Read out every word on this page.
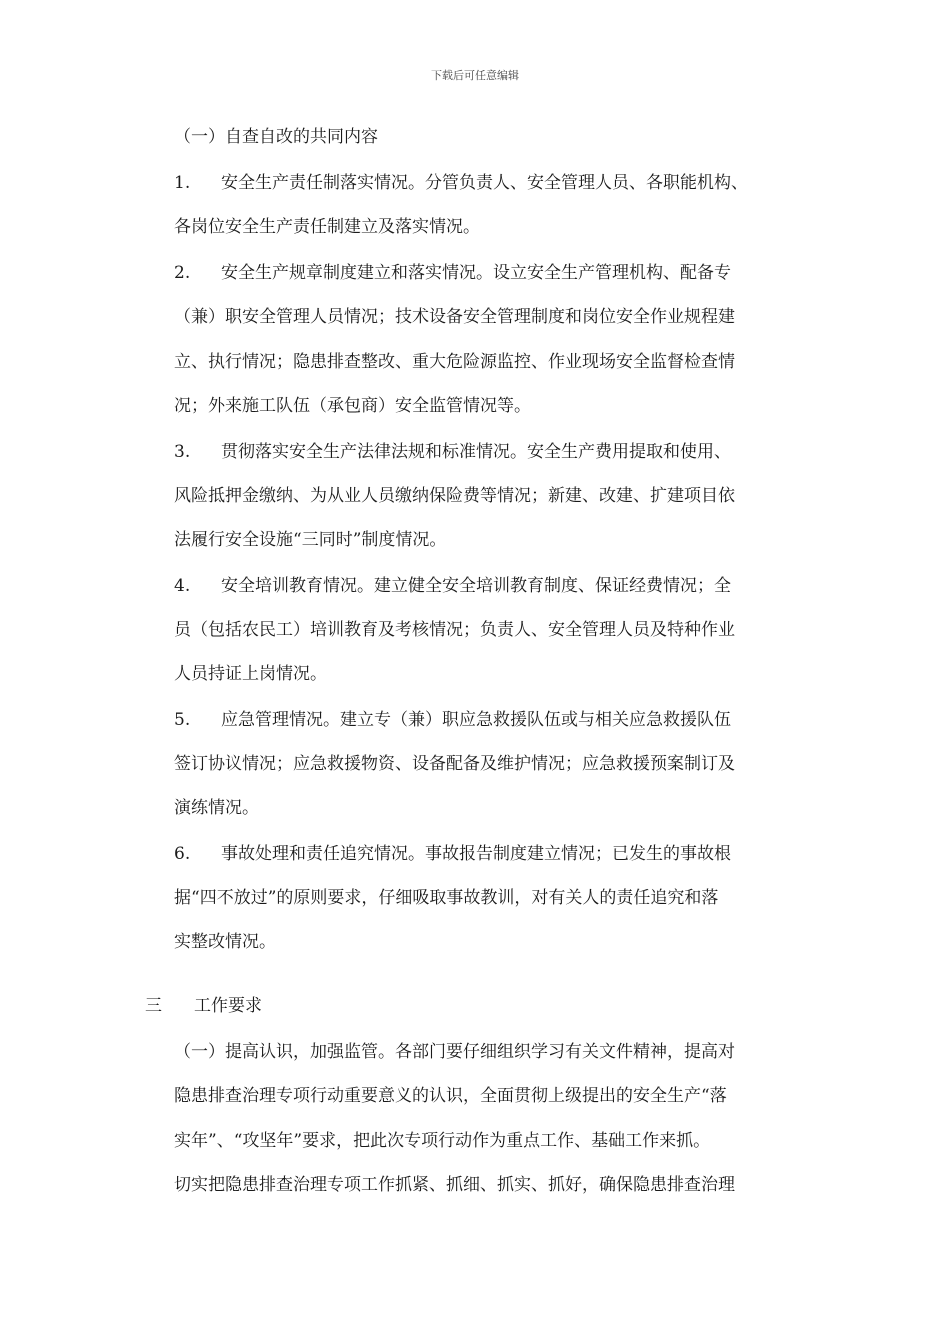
下载后可任意编辑
（一）自查自改的共同内容
1. 安全生产责任制落实情况。分管负责人、安全管理人员、各职能机构、
各岗位安全生产责任制建立及落实情况。
2. 安全生产规章制度建立和落实情况。设立安全生产管理机构、配备专
（兼）职安全管理人员情况；技术设备安全管理制度和岗位安全作业规程建
立、执行情况；隐患排查整改、重大危险源监控、作业现场安全监督检查情
况；外来施工队伍（承包商）安全监管情况等。
3. 贯彻落实安全生产法律法规和标准情况。安全生产费用提取和使用、
风险抵押金缴纳、为从业人员缴纳保险费等情况；新建、改建、扩建项目依
法履行安全设施“三同时”制度情况。
4. 安全培训教育情况。建立健全安全培训教育制度、保证经费情况；全
员（包括农民工）培训教育及考核情况；负责人、安全管理人员及特种作业
人员持证上岗情况。
5. 应急管理情况。建立专（兼）职应急救援队伍或与相关应急救援队伍
签订协议情况；应急救援物资、设备配备及维护情况；应急救援预案制订及
演练情况。
6. 事故处理和责任追究情况。事故报告制度建立情况；已发生的事故根
据“四不放过”的原则要求，仔细吸取事故教训，对有关人的责任追究和落
实整改情况。
三 工作要求
（一）提高认识，加强监管。各部门要仔细组织学习有关文件精神，提高对
隐患排查治理专项行动重要意义的认识，全面贯彻上级提出的安全生产“落
实年”、“攻坚年”要求，把此次专项行动作为重点工作、基础工作来抓。
切实把隐患排查治理专项工作抓紧、抓细、抓实、抓好，确保隐患排查治理
